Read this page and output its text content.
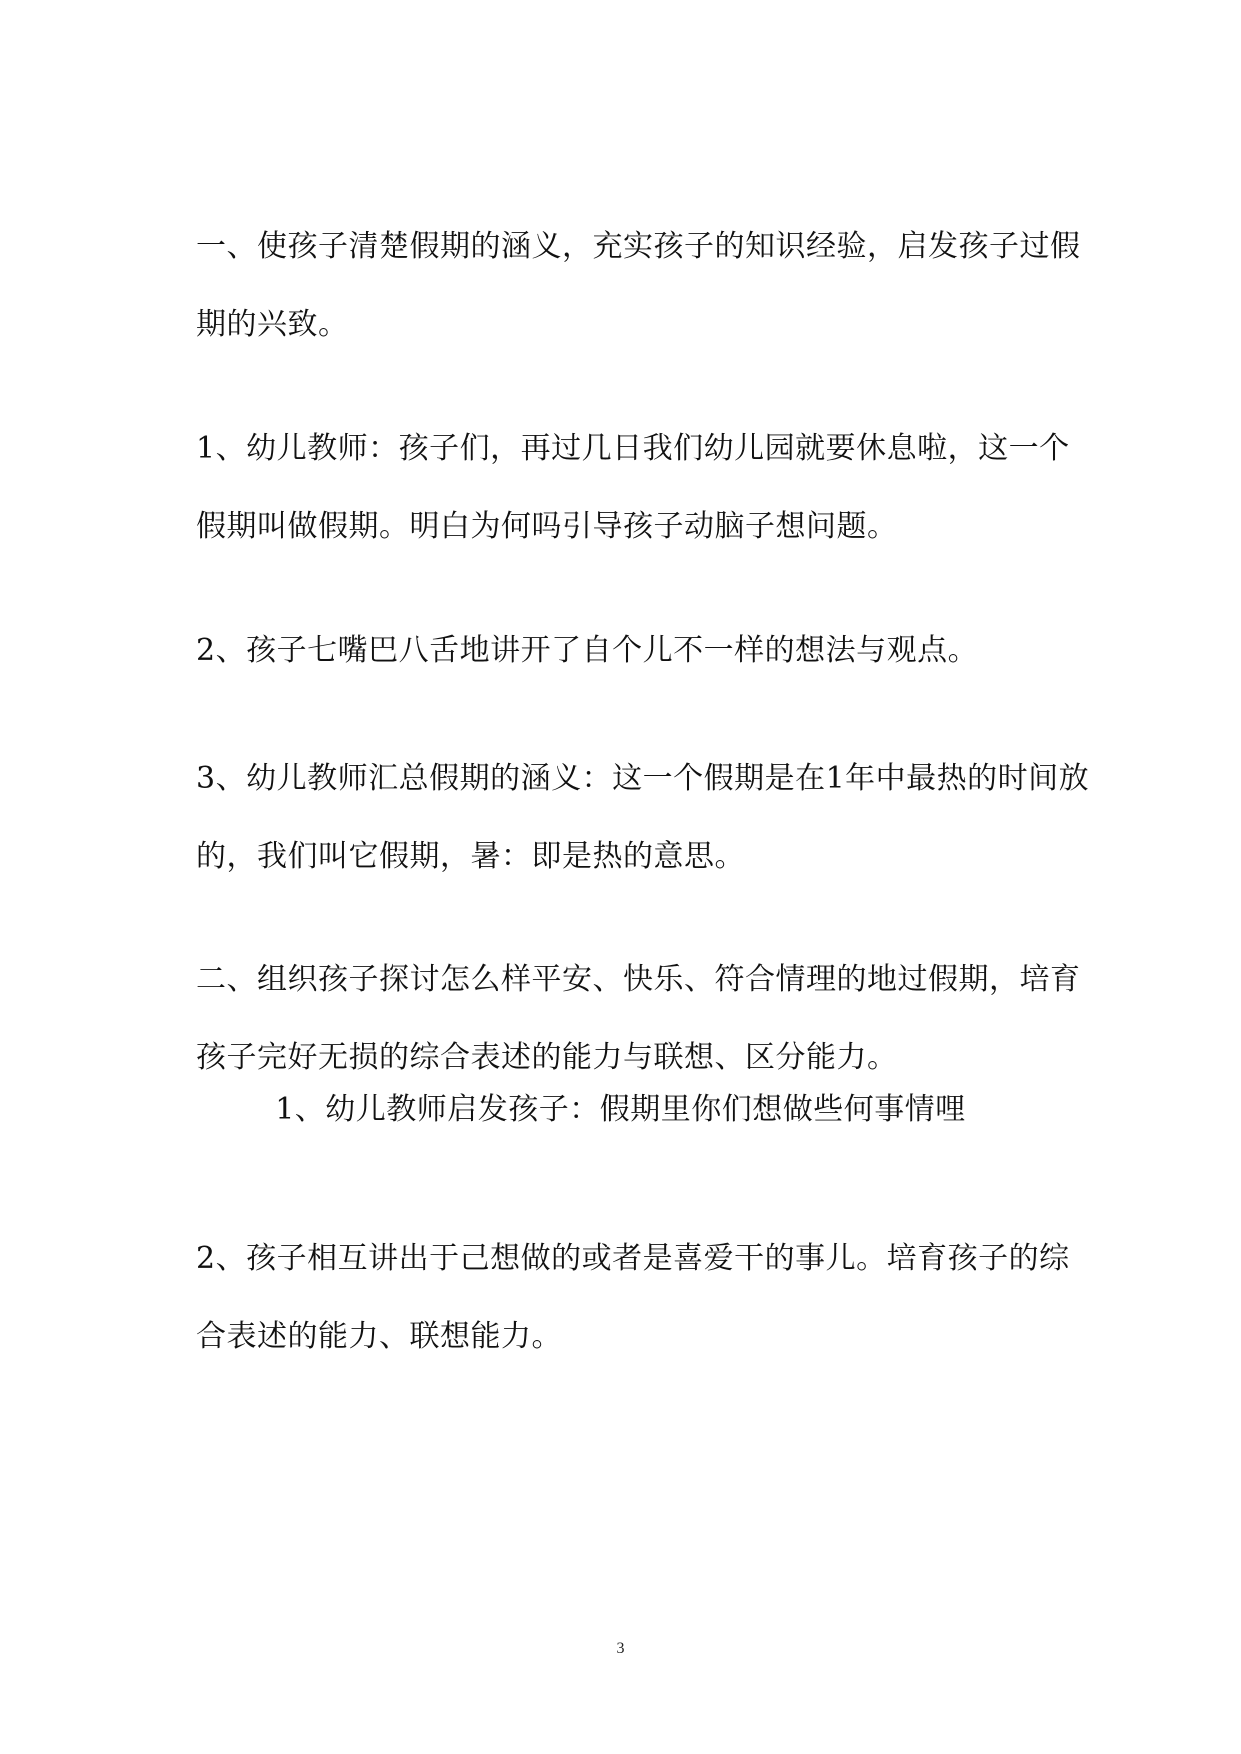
一、使孩子清楚假期的涵义，充实孩子的知识经验，启发孩子过假
期的兴致。

1、幼儿教师：孩子们，再过几日我们幼儿园就要休息啦，这一个
假期叫做假期。明白为何吗引导孩子动脑子想问题。

2、孩子七嘴巴八舌地讲开了自个儿不一样的想法与观点。

3、幼儿教师汇总假期的涵义：这一个假期是在1年中最热的时间放
的，我们叫它假期，暑：即是热的意思。

二、组织孩子探讨怎么样平安、快乐、符合情理的地过假期，培育
孩子完好无损的综合表述的能力与联想、区分能力。

1、幼儿教师启发孩子：假期里你们想做些何事情哩

2、孩子相互讲出于己想做的或者是喜爱干的事儿。培育孩子的综
合表述的能力、联想能力。

3
